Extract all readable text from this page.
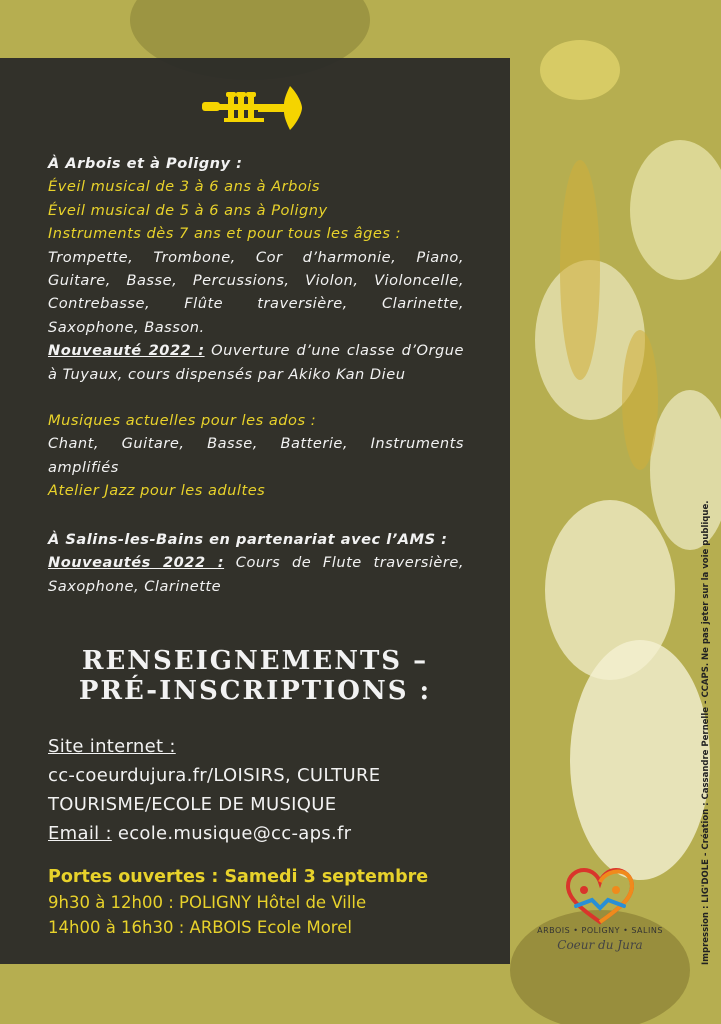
À Arbois et à Poligny :

Éveil musical de 3 à 6 ans à Arbois

Éveil musical de 5 à 6 ans à Poligny

Instruments dès 7 ans et pour tous les âges :

Trompette, Trombone, Cor d’harmonie, Piano, Guitare, Basse, Percussions, Violon, Violoncelle, Contrebasse, Flûte traversière, Clarinette, Saxophone, Basson.

Nouveauté 2022 : Ouverture d’une classe d’Orgue à Tuyaux, cours dispensés par Akiko Kan Dieu

Musiques actuelles pour les ados :

Chant, Guitare, Basse, Batterie, Instruments amplifiés

Atelier Jazz pour les adultes

À Salins-les-Bains en partenariat avec l’AMS :

Nouveautés 2022 : Cours de Flute traversière, Saxophone, Clarinette

RENSEIGNEMENTS –
PRÉ-INSCRIPTIONS :

Site internet :

cc-coeurdujura.fr/LOISIRS, CULTURE

TOURISME/ECOLE DE MUSIQUE

Email : ecole.musique@cc-aps.fr

Portes ouvertes : Samedi 3 septembre

9h30 à 12h00 : POLIGNY Hôtel de Ville

14h00 à 16h30 : ARBOIS Ecole Morel	ARBOIS • POLIGNY • SALINS
Coeur du Jura	Impression : LIG'DOLE - Création : Cassandre Pernelle - CCAPS. Ne pas jeter sur la voie publique.
